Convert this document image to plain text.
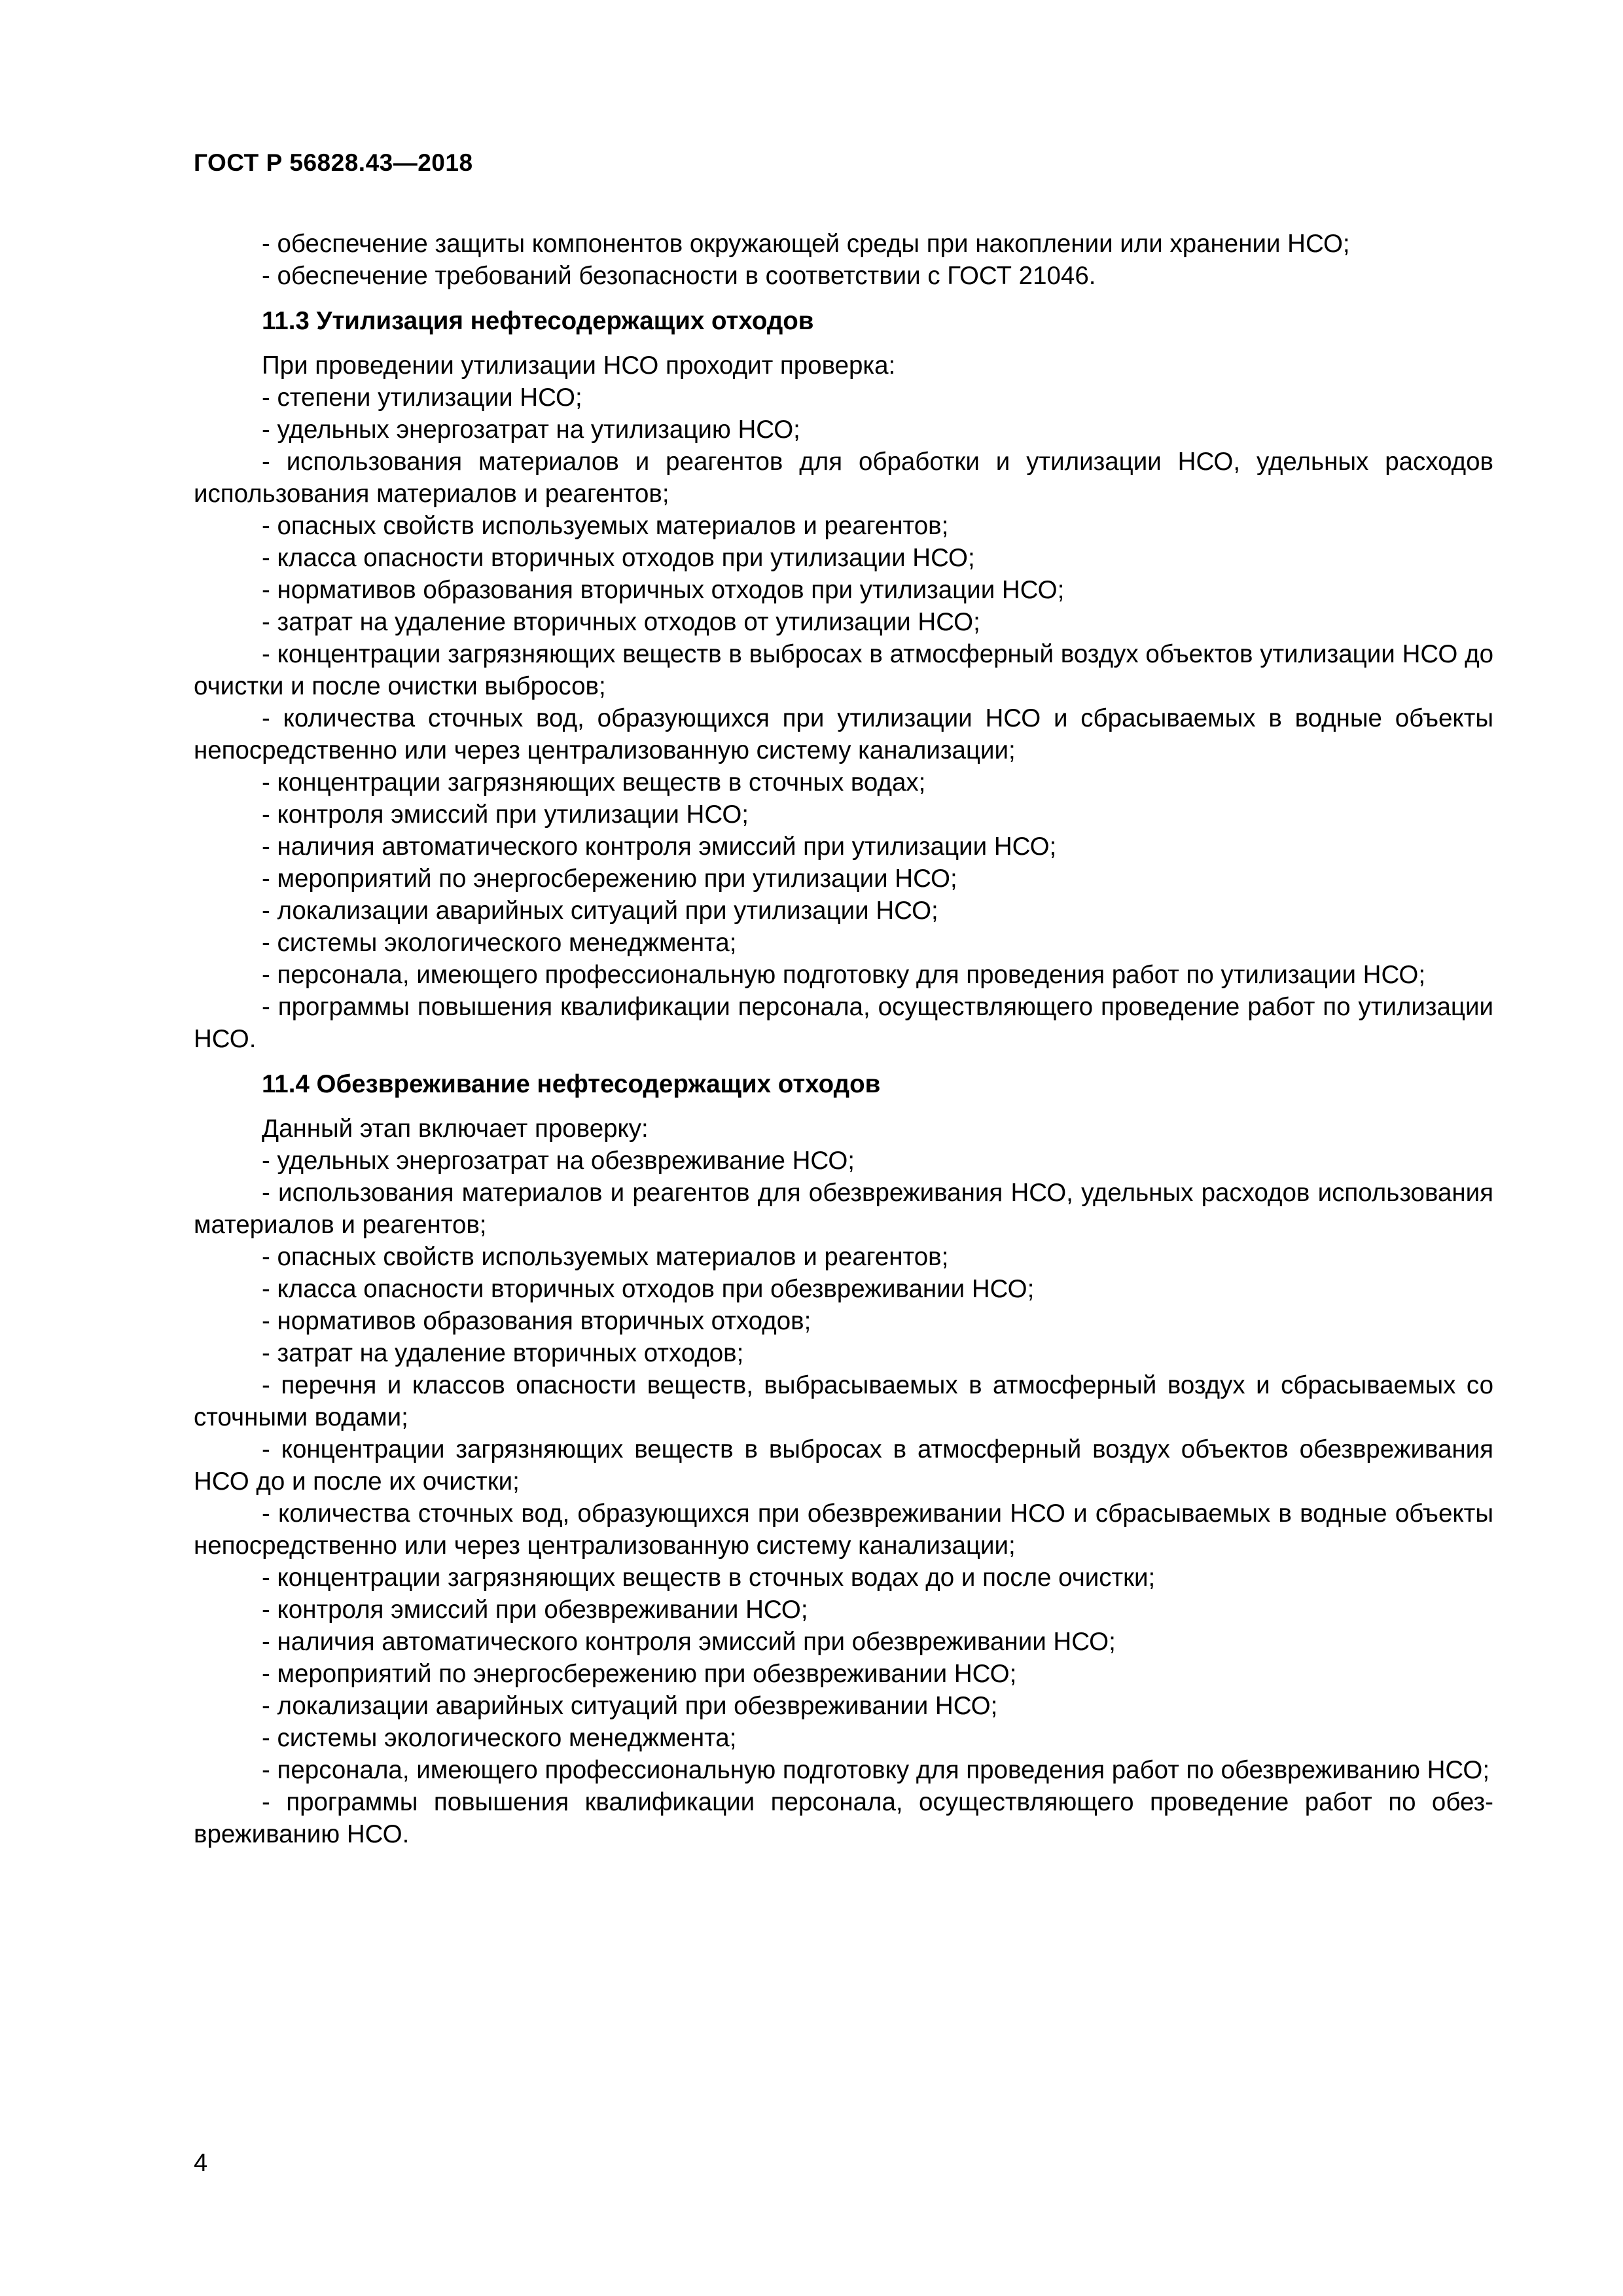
ГОСТ Р 56828.43—2018

- обеспечение защиты компонентов окружающей среды при накоплении или хранении НСО;

- обеспечение требований безопасности в соответствии с ГОСТ 21046.

11.3 Утилизация нефтесодержащих отходов

При проведении утилизации НСО проходит проверка:

- степени утилизации НСО;

- удельных энергозатрат на утилизацию НСО;

- использования материалов и реагентов для обработки и утилизации НСО, удельных расходов использования материалов и реагентов;

- опасных свойств используемых материалов и реагентов;

- класса опасности вторичных отходов при утилизации НСО;

- нормативов образования вторичных отходов при утилизации НСО;

- затрат на удаление вторичных отходов от утилизации НСО;

- концентрации загрязняющих веществ в выбросах в атмосферный воздух объектов утилизации НСО до очистки и после очистки выбросов;

- количества сточных вод, образующихся при утилизации НСО и сбрасываемых в водные объекты непосредственно или через централизованную систему канализации;

- концентрации загрязняющих веществ в сточных водах;

- контроля эмиссий при утилизации НСО;

- наличия автоматического контроля эмиссий при утилизации НСО;

- мероприятий по энергосбережению при утилизации НСО;

- локализации аварийных ситуаций при утилизации НСО;

- системы экологического менеджмента;

- персонала, имеющего профессиональную подготовку для проведения работ по утилизации НСО;

- программы повышения квалификации персонала, осуществляющего проведение работ по утилизации НСО.

11.4 Обезвреживание нефтесодержащих отходов

Данный этап включает проверку:

- удельных энергозатрат на обезвреживание НСО;

- использования материалов и реагентов для обезвреживания НСО, удельных расходов использования материалов и реагентов;

- опасных свойств используемых материалов и реагентов;

- класса опасности вторичных отходов при обезвреживании НСО;

- нормативов образования вторичных отходов;

- затрат на удаление вторичных отходов;

- перечня и классов опасности веществ, выбрасываемых в атмосферный воздух и сбрасываемых со сточными водами;

- концентрации загрязняющих веществ в выбросах в атмосферный воздух объектов обезвреживания НСО до и после их очистки;

- количества сточных вод, образующихся при обезвреживании НСО и сбрасываемых в водные объекты непосредственно или через централизованную систему канализации;

- концентрации загрязняющих веществ в сточных водах до и после очистки;

- контроля эмиссий при обезвреживании НСО;

- наличия автоматического контроля эмиссий при обезвреживании НСО;

- мероприятий по энергосбережению при обезвреживании НСО;

- локализации аварийных ситуаций при обезвреживании НСО;

- системы экологического менеджмента;

- персонала, имеющего профессиональную подготовку для проведения работ по обезвреживанию НСО;

- программы повышения квалификации персонала, осуществляющего проведение работ по обезвреживанию НСО.

4
